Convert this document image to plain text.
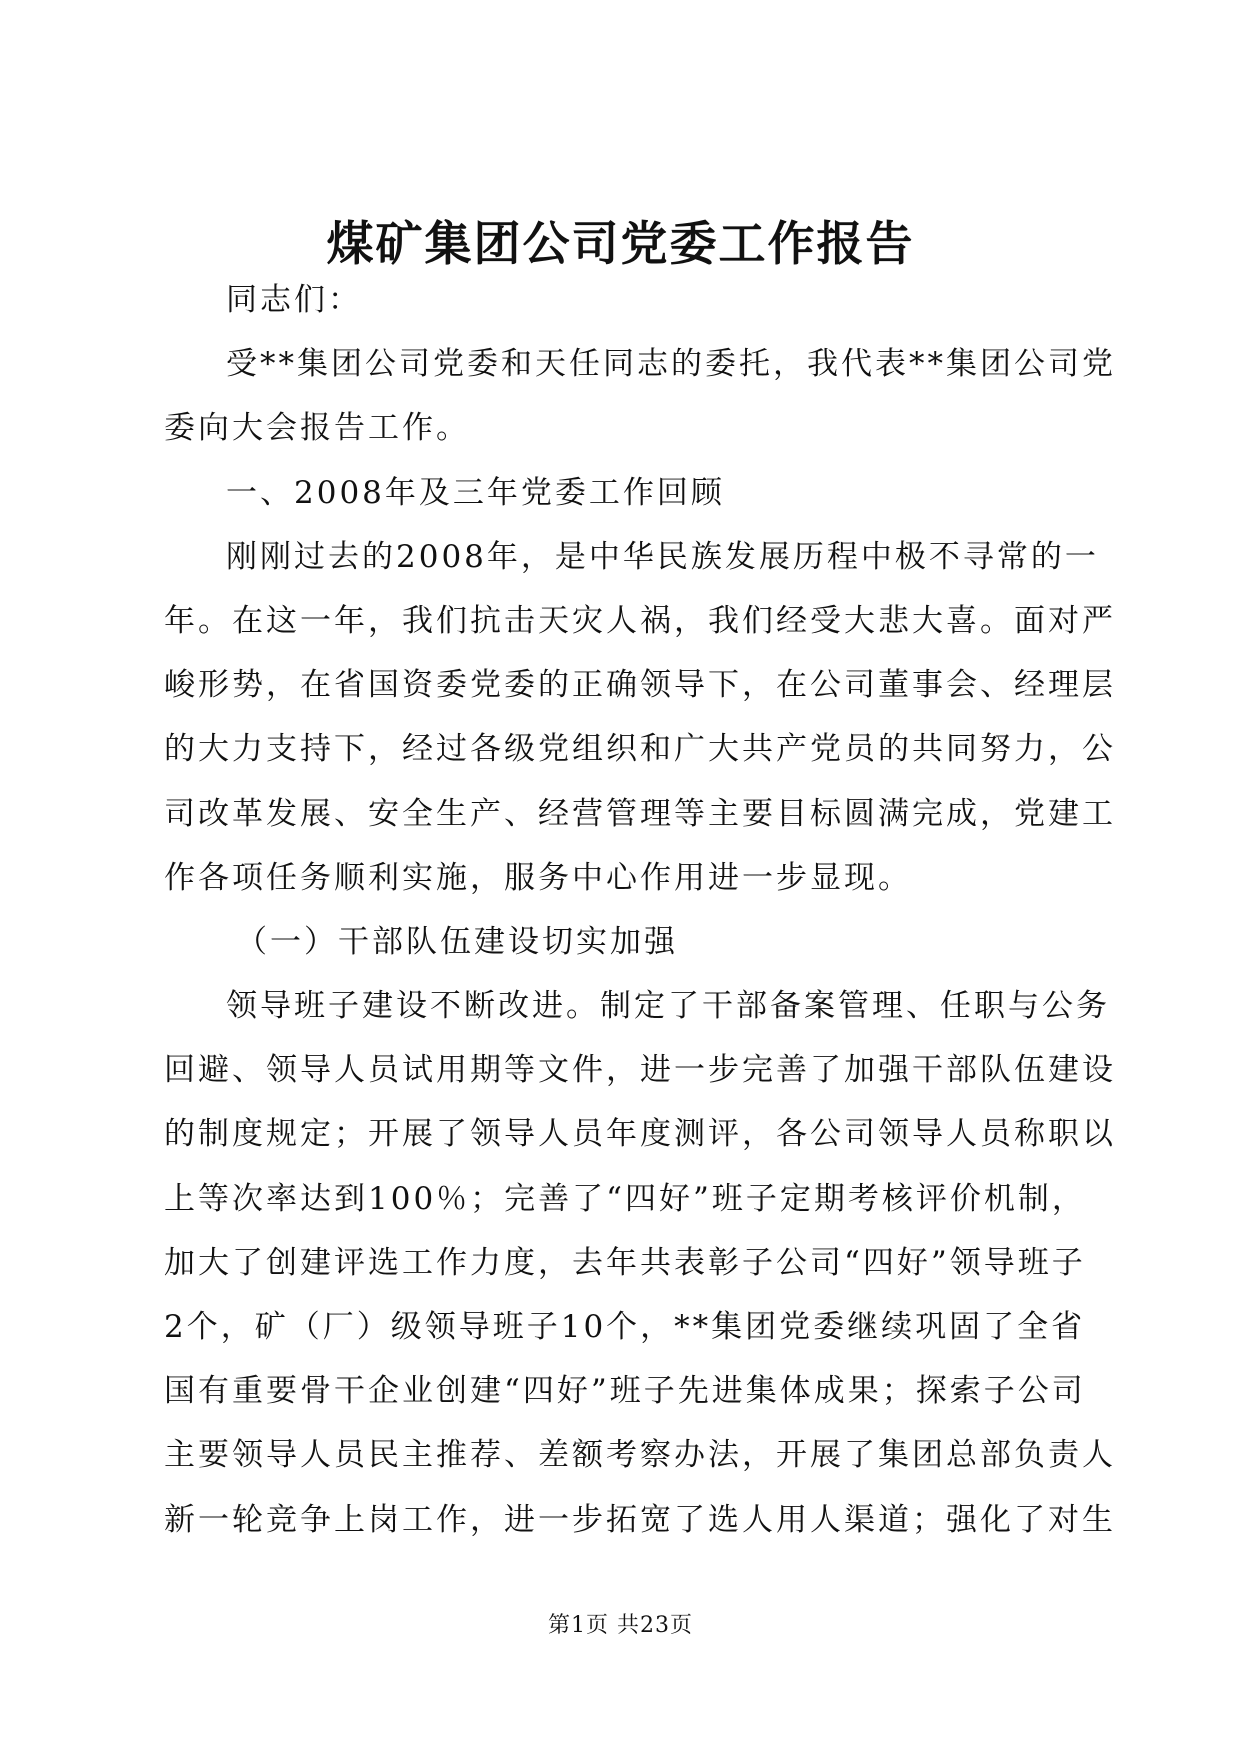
煤矿集团公司党委工作报告
同志们：
受**集团公司党委和天任同志的委托，我代表**集团公司党
委向大会报告工作。
一、2008年及三年党委工作回顾
刚刚过去的2008年，是中华民族发展历程中极不寻常的一
年。在这一年，我们抗击天灾人祸，我们经受大悲大喜。面对严
峻形势，在省国资委党委的正确领导下，在公司董事会、经理层
的大力支持下，经过各级党组织和广大共产党员的共同努力，公
司改革发展、安全生产、经营管理等主要目标圆满完成，党建工
作各项任务顺利实施，服务中心作用进一步显现。
（一）干部队伍建设切实加强
领导班子建设不断改进。制定了干部备案管理、任职与公务
回避、领导人员试用期等文件，进一步完善了加强干部队伍建设
的制度规定；开展了领导人员年度测评，各公司领导人员称职以
上等次率达到100％；完善了“四好”班子定期考核评价机制，
加大了创建评选工作力度，去年共表彰子公司“四好”领导班子
2个，矿（厂）级领导班子10个，**集团党委继续巩固了全省
国有重要骨干企业创建“四好”班子先进集体成果；探索子公司
主要领导人员民主推荐、差额考察办法，开展了集团总部负责人
新一轮竞争上岗工作，进一步拓宽了选人用人渠道；强化了对生
第1页 共23页
